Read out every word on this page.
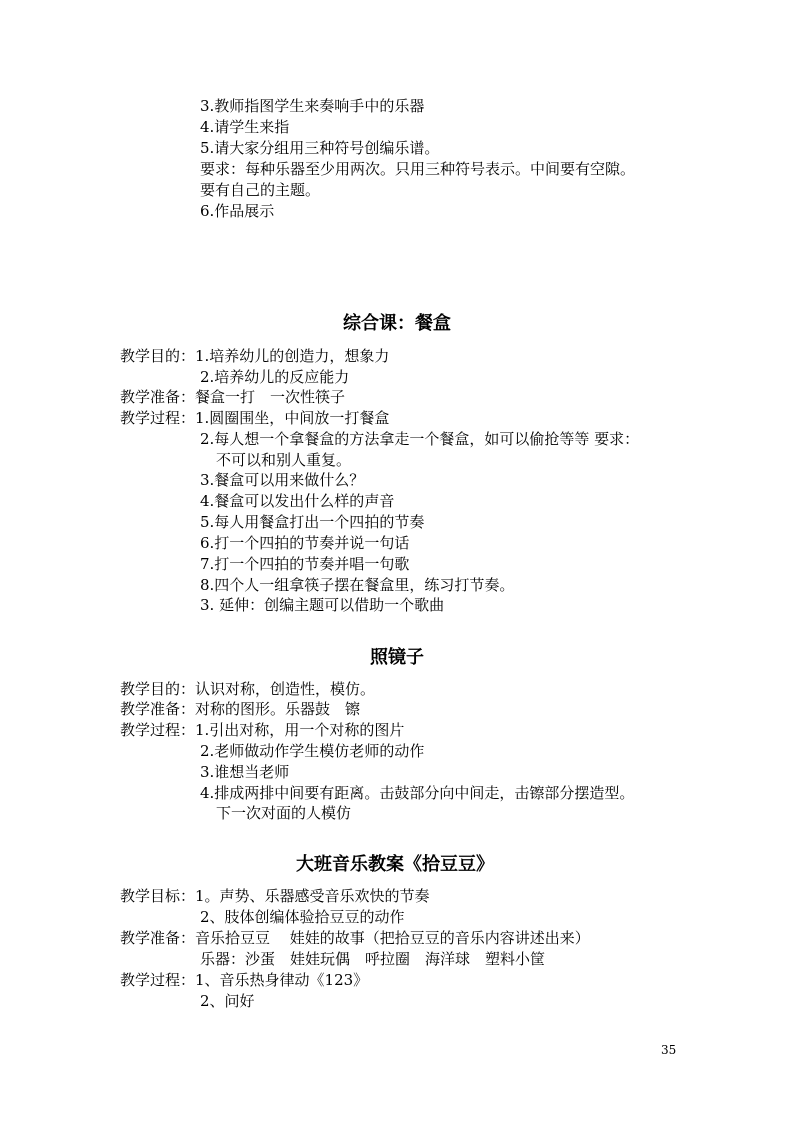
3.教师指图学生来奏响手中的乐器
4.请学生来指
5.请大家分组用三种符号创编乐谱。
要求：每种乐器至少用两次。只用三种符号表示。中间要有空隙。
要有自己的主题。
6.作品展示
综合课：餐盒
教学目的：1.培养幼儿的创造力，想象力
2.培养幼儿的反应能力
教学准备：餐盒一打　一次性筷子
教学过程：1.圆圈围坐，中间放一打餐盒
2.每人想一个拿餐盒的方法拿走一个餐盒，如可以偷抢等等 要求：
不可以和别人重复。
3.餐盒可以用来做什么？
4.餐盒可以发出什么样的声音
5.每人用餐盒打出一个四拍的节奏
6.打一个四拍的节奏并说一句话
7.打一个四拍的节奏并唱一句歌
8.四个人一组拿筷子摆在餐盒里，练习打节奏。
3. 延伸：创编主题可以借助一个歌曲
照镜子
教学目的：认识对称，创造性，模仿。
教学准备：对称的图形。乐器鼓　镲
教学过程：1.引出对称，用一个对称的图片
2.老师做动作学生模仿老师的动作
3.谁想当老师
4.排成两排中间要有距离。击鼓部分向中间走，击镲部分摆造型。
下一次对面的人模仿
大班音乐教案《拾豆豆》
教学目标：1。声势、乐器感受音乐欢快的节奏
2、肢体创编体验拾豆豆的动作
教学准备：音乐拾豆豆　 娃娃的故事（把拾豆豆的音乐内容讲述出来）
乐器：沙蛋　娃娃玩偶　呼拉圈　海洋球　塑料小筐
教学过程：1、音乐热身律动《123》
2、问好
35
